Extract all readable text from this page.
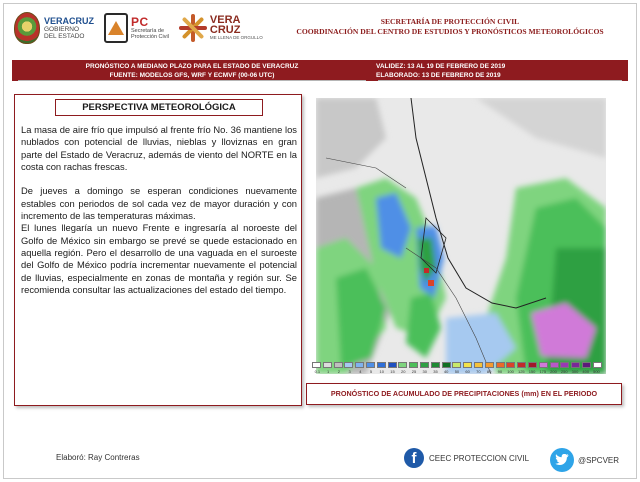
VERACRUZ
GOBIERNO
DEL ESTADO
PC
Secretaría de
Protección Civil
VERA
CRUZ
ME LLENA DE ORGULLO
SECRETARÍA DE PROTECCIÓN CIVIL
COORDINACIÓN DEL CENTRO DE ESTUDIOS Y PRONÓSTICOS METEOROLÓGICOS
PRONÓSTICO A MEDIANO PLAZO PARA EL ESTADO DE VERACRUZ
FUENTE: MODELOS GFS, WRF Y ECMVF (00-06 UTC)
VALIDEZ: 13 AL 19 DE FEBRERO DE 2019
ELABORADO: 13 DE FEBRERO DE 2019
PERSPECTIVA METEOROLÓGICA

La masa de aire frío que impulsó al frente frío No. 36 mantiene los nublados con potencial de lluvias, nieblas y lloviznas en gran parte del Estado de Veracruz, además de viento del NORTE en la costa con rachas frescas.

De jueves a domingo se esperan condiciones nuevamente estables con periodos de sol cada vez de mayor duración y con incremento de las temperaturas máximas.

El lunes llegaría un nuevo Frente e ingresaría al noroeste del Golfo de México sin embargo se prevé se quede estacionado en aquella región. Pero el desarrollo de una vaguada en el suroeste del Golfo de México podría incrementar nuevamente el potencial de lluvias, especialmente en zonas de montaña y región sur. Se recomienda consultar las actualizaciones del estado del tiempo.

0.1	1	2	3	4	5	10	15	20	25	30	35	40	50	60	70	80	90	100	125	150	175	200	250	300	400	500
PRONÓSTICO DE ACUMULADO DE PRECIPITACIONES (mm) EN EL PERIODO
Elaboró: Ray Contreras	f	CEEC PROTECCION CIVIL	@SPCVER
